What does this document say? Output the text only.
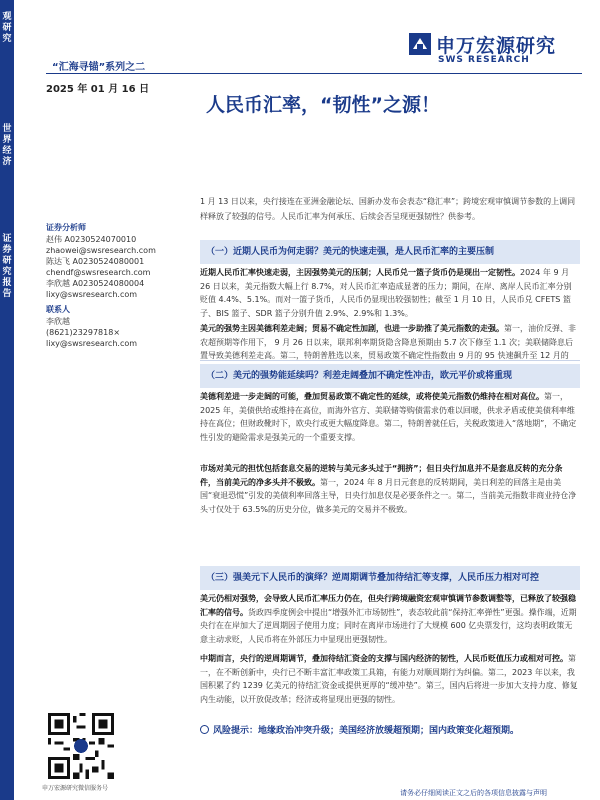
观研究
世界经济
证券研究报告
申万宏源研究
SWS RESEARCH
“汇海寻锚”系列之二
2025 年 01 月 16 日
人民币汇率，“韧性”之源！
1 月 13 日以来，央行接连在亚洲金融论坛、国新办发布会表态“稳汇率”；跨境宏观审慎调节参数的上调同样释放了较强的信号。人民币汇率为何承压、后续会否呈现更强韧性？供参考。
证券分析师
赵伟 A0230524070010
zhaowei@swsresearch.com
陈达飞 A0230524080001
chendf@swsresearch.com
李欣越 A0230524080004
lixy@swsresearch.com
联系人
李欣越
(8621)23297818×
lixy@swsresearch.com
（一）近期人民币为何走弱？美元的快速走强，是人民币汇率的主要压制
近期人民币汇率快速走弱，主因强势美元的压制；人民币兑一篮子货币仍是现出一定韧性。2024 年 9 月 26 日以来，美元指数大幅上行 8.7%，对人民币汇率造成显著的压力；期间，在岸、离岸人民币汇率分别贬值 4.4%、5.1%。而对一篮子货币，人民币仍显现出较强韧性；截至 1 月 10 日，人民币兑 CFETS 篮子、BIS 篮子、SDR 篮子分别升值 2.9%、2.9%和 1.3%。
美元的强势主因美德利差走阔；贸易不确定性加剧，也进一步助推了美元指数的走强。第一，油价反弹、非农超预期等作用下， 9 月 26 日以来，联邦利率期货隐含降息预期由 5.7 次下修至 1.1 次；美联储降息后置导致美德利差走高。第二，特朗普胜选以来，贸易政策不确定性指数由 9 月的 95 快速飙升至 12 月的
（二）美元的强势能延续吗？利差走阔叠加不确定性冲击，欧元平价或将重现
美德利差进一步走阔的可能，叠加贸易政策不确定性的延续，或将使美元指数仍维持在相对高位。第一，2025 年，美债供给或维持在高位，而海外官方、美联储等购债需求仍难以回暖，供求矛盾或使美债利率维持在高位；但财政靴时下，欧央行或更大幅度降息。第二，特朗普就任后，关税政策进入“落地期”，不确定性引发的避险需求是强美元的一个重要支撑。
市场对美元的担忧包括套息交易的逆转与美元多头过于“拥挤”；但日央行加息并不是套息反转的充分条件，当前美元的净多头并不极致。第一，2024 年 8 月日元套息的反转期间，美日利差的回落主是由美国“衰退恐慌”引发的美债利率回落主导，日央行加息仅是必要条件之一。第二，当前美元指数非商业持仓净头寸仅处于 63.5%的历史分位，做多美元的交易并不极致。
（三）强美元下人民币的演绎？逆周期调节叠加待结汇等支撑，人民币压力相对可控
美元仍相对强势，会导致人民币汇率压力仍在，但央行跨境融资宏观审慎调节参数调整等，已释放了较强稳汇率的信号。货政四季度例会中提出“增强外汇市场韧性”，表态较此前“保持汇率弹性”更强。操作端，近期央行在在岸加大了逆周期因子使用力度；同时在离岸市场进行了大规模 600 亿央票发行，这均表明政策无意主动求贬，人民币将在外部压力中显现出更强韧性。
中期而言，央行的逆周期调节，叠加待结汇资金的支撑与国内经济的韧性，人民币贬值压力或相对可控。第一，在不断创新中，央行已不断丰富汇率政策工具箱，有能力对顺周期行为纠偏。第二，2023 年以来，我国积累了约 1239 亿美元的待结汇资金或提供更厚的“缓冲垫”。第三，国内后将进一步加大支持力度、修复内生动能，以开放促改革；经济或将显现出更强的韧性。
风险提示：地缘政治冲突升级；美国经济放缓超预期；国内政策变化超预期。
申万宏源研究微信服务号
请务必仔细阅读正文之后的各项信息披露与声明
